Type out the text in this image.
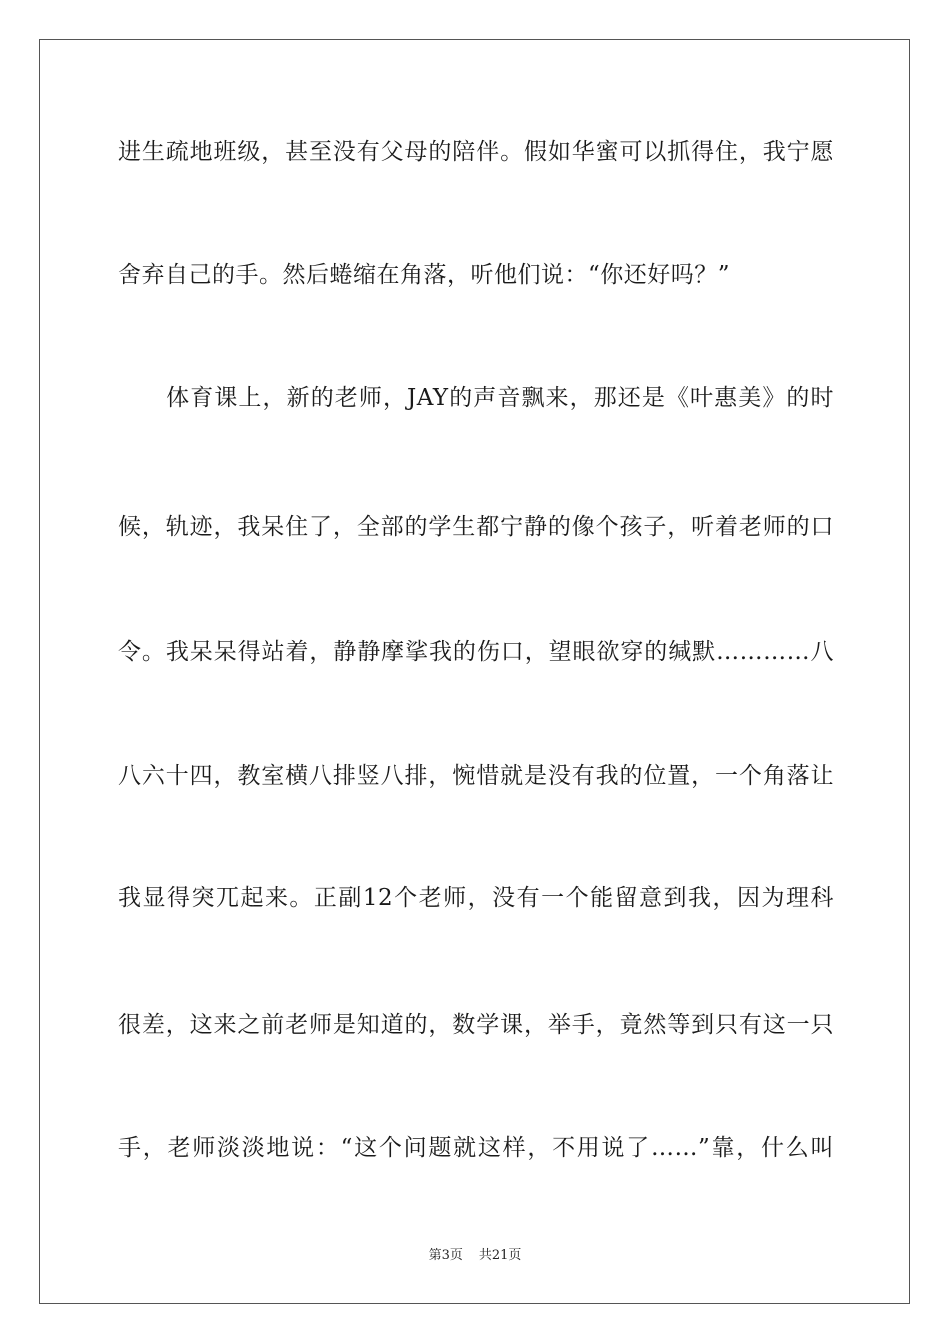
进生疏地班级，甚至没有父母的陪伴。假如华蜜可以抓得住，我宁愿
舍弃自己的手。然后蜷缩在角落，听他们说：“你还好吗？”
　　体育课上，新的老师，JAY的声音飘来，那还是《叶惠美》的时
候，轨迹，我呆住了，全部的学生都宁静的像个孩子，听着老师的口
令。我呆呆得站着，静静摩挲我的伤口，望眼欲穿的缄默…………八
八六十四，教室横八排竖八排，惋惜就是没有我的位置，一个角落让
我显得突兀起来。正副12个老师，没有一个能留意到我，因为理科
很差，这来之前老师是知道的，数学课，举手，竟然等到只有这一只
手，老师淡淡地说：“这个问题就这样，不用说了……”靠，什么叫
第3页 共21页
